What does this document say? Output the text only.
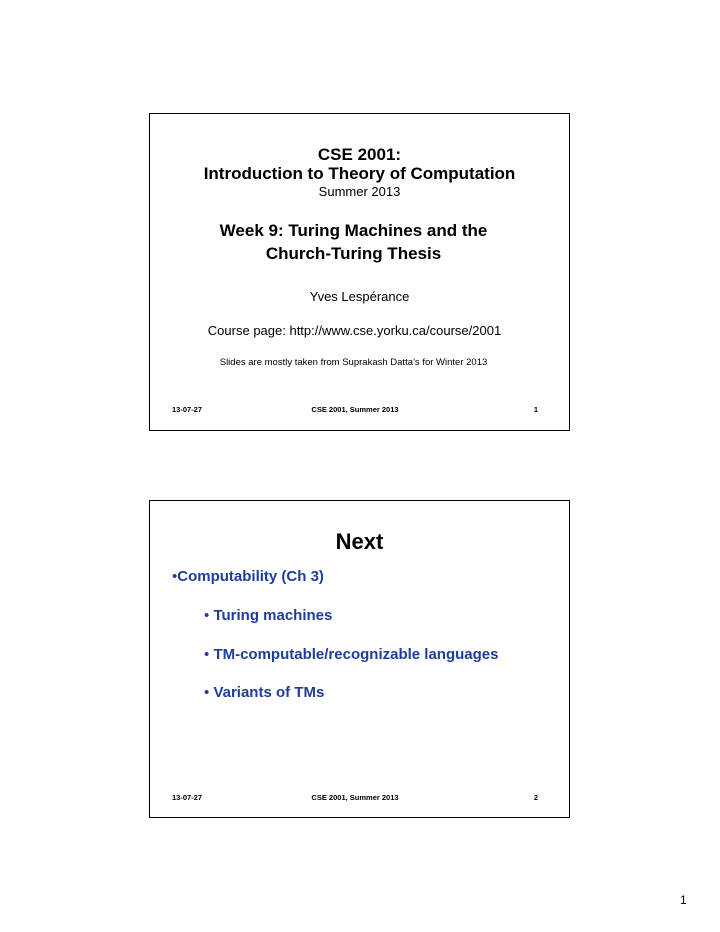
CSE 2001:
Introduction to Theory of Computation
Summer 2013
Week 9: Turing Machines and the
Church-Turing Thesis
Yves Lespérance
Course page: http://www.cse.yorku.ca/course/2001
Slides are mostly taken from Suprakash Datta’s for Winter 2013
13-07-27	CSE 2001, Summer 2013	1
Next
•Computability (Ch 3)
• Turing machines
• TM-computable/recognizable languages
• Variants of TMs
13-07-27	CSE 2001, Summer 2013	2
1
